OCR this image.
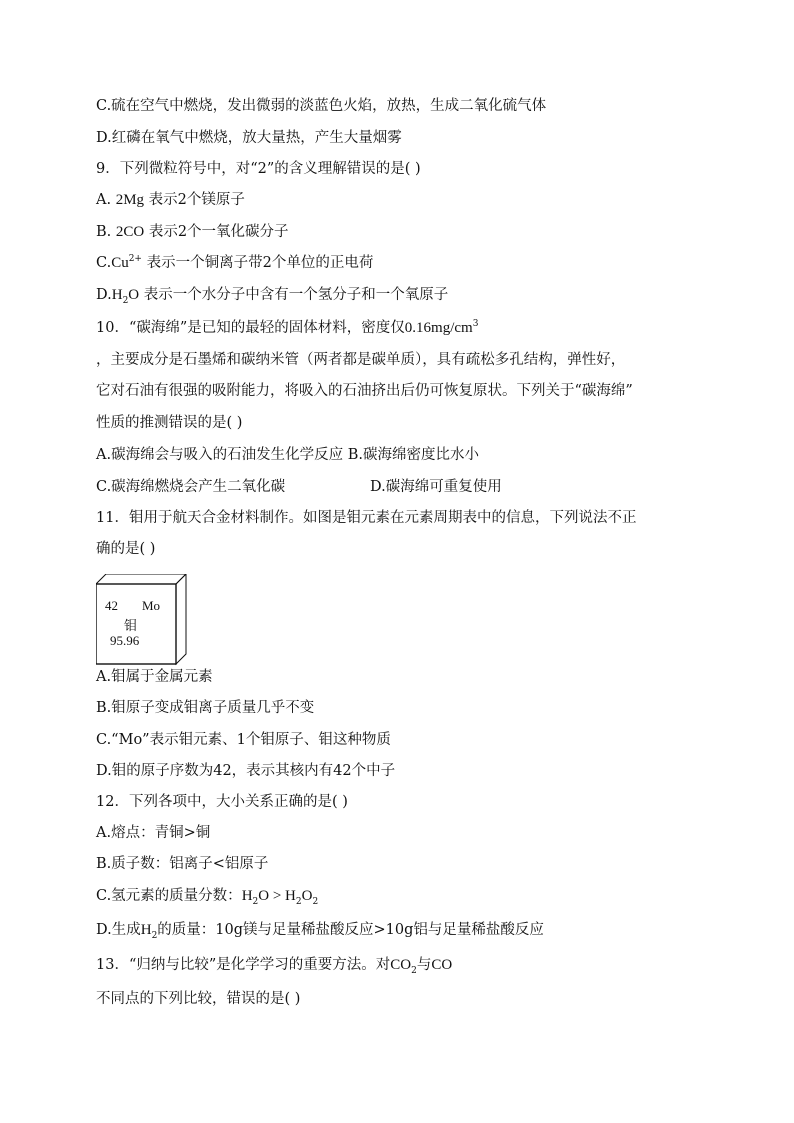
C.硫在空气中燃烧，发出微弱的淡蓝色火焰，放热，生成二氧化硫气体
D.红磷在氧气中燃烧，放大量热，产生大量烟雾
9．下列微粒符号中，对“2”的含义理解错误的是( )
A. 2Mg 表示2个镁原子
B. 2CO 表示2个一氧化碳分子
$C.Cu^{2+}$ 表示一个铜离子带2个单位的正电荷
$D.H_2O$ 表示一个水分子中含有一个氢分子和一个氧原子
10．“碳海绵”是已知的最轻的固体材料，密度仅$0.16mg/cm^3$
，主要成分是石墨烯和碳纳米管（两者都是碳单质），具有疏松多孔结构，弹性好，
它对石油有很强的吸附能力，将吸入的石油挤出后仍可恢复原状。下列关于“碳海绵”
性质的推测错误的是( )
A.碳海绵会与吸入的石油发生化学反应 B.碳海绵密度比水小
C.碳海绵燃烧会产生二氧化碳	D.碳海绵可重复使用
11．钼用于航天合金材料制作。如图是钼元素在元素周期表中的信息，下列说法不正
确的是( )
42 Mo
钼
95.96
A.钼属于金属元素
B.钼原子变成钼离子质量几乎不变
C.“Mo”表示钼元素、1个钼原子、钼这种物质
D.钼的原子序数为42，表示其核内有42个中子
12．下列各项中，大小关系正确的是( )
A.熔点：青铜>铜
B.质子数：铝离子<铝原子
C.氢元素的质量分数：$H_2O > H_2O_2$
D.生成$H_2$的质量：10g镁与足量稀盐酸反应>10g铝与足量稀盐酸反应
13．“归纳与比较”是化学学习的重要方法。对$CO_2$与CO
不同点的下列比较，错误的是( )
